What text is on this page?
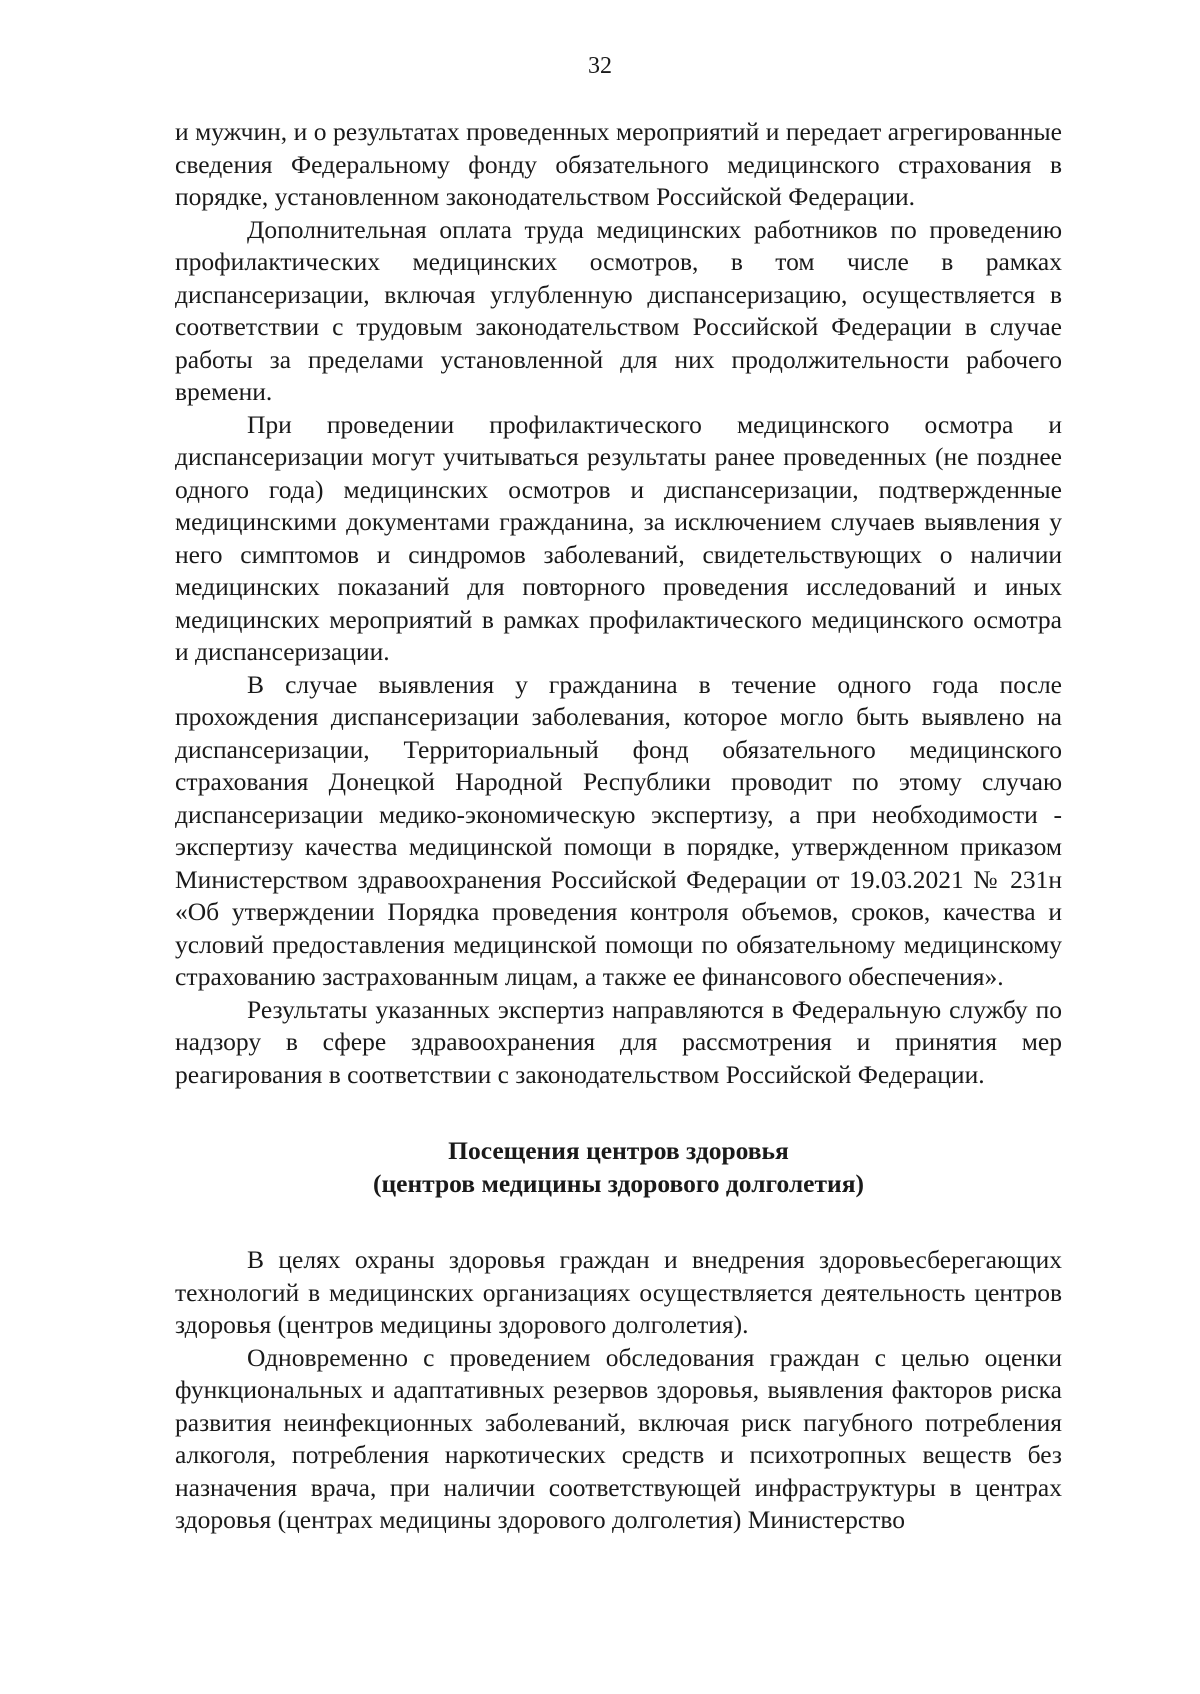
32

и мужчин, и о результатах проведенных мероприятий и передает агрегированные сведения Федеральному фонду обязательного медицинского страхования в порядке, установленном законодательством Российской Федерации.

Дополнительная оплата труда медицинских работников по проведению профилактических медицинских осмотров, в том числе в рамках диспансеризации, включая углубленную диспансеризацию, осуществляется в соответствии с трудовым законодательством Российской Федерации в случае работы за пределами установленной для них продолжительности рабочего времени.

При проведении профилактического медицинского осмотра и диспансеризации могут учитываться результаты ранее проведенных (не позднее одного года) медицинских осмотров и диспансеризации, подтвержденные медицинскими документами гражданина, за исключением случаев выявления у него симптомов и синдромов заболеваний, свидетельствующих о наличии медицинских показаний для повторного проведения исследований и иных медицинских мероприятий в рамках профилактического медицинского осмотра и диспансеризации.

В случае выявления у гражданина в течение одного года после прохождения диспансеризации заболевания, которое могло быть выявлено на диспансеризации, Территориальный фонд обязательного медицинского страхования Донецкой Народной Республики проводит по этому случаю диспансеризации медико-экономическую экспертизу, а при необходимости - экспертизу качества медицинской помощи в порядке, утвержденном приказом Министерством здравоохранения Российской Федерации от 19.03.2021 № 231н «Об утверждении Порядка проведения контроля объемов, сроков, качества и условий предоставления медицинской помощи по обязательному медицинскому страхованию застрахованным лицам, а также ее финансового обеспечения».

Результаты указанных экспертиз направляются в Федеральную службу по надзору в сфере здравоохранения для рассмотрения и принятия мер реагирования в соответствии с законодательством Российской Федерации.

Посещения центров здоровья
(центров медицины здорового долголетия)

В целях охраны здоровья граждан и внедрения здоровьесберегающих технологий в медицинских организациях осуществляется деятельность центров здоровья (центров медицины здорового долголетия).

Одновременно с проведением обследования граждан с целью оценки функциональных и адаптативных резервов здоровья, выявления факторов риска развития неинфекционных заболеваний, включая риск пагубного потребления алкоголя, потребления наркотических средств и психотропных веществ без назначения врача, при наличии соответствующей инфраструктуры в центрах здоровья (центрах медицины здорового долголетия) Министерство
